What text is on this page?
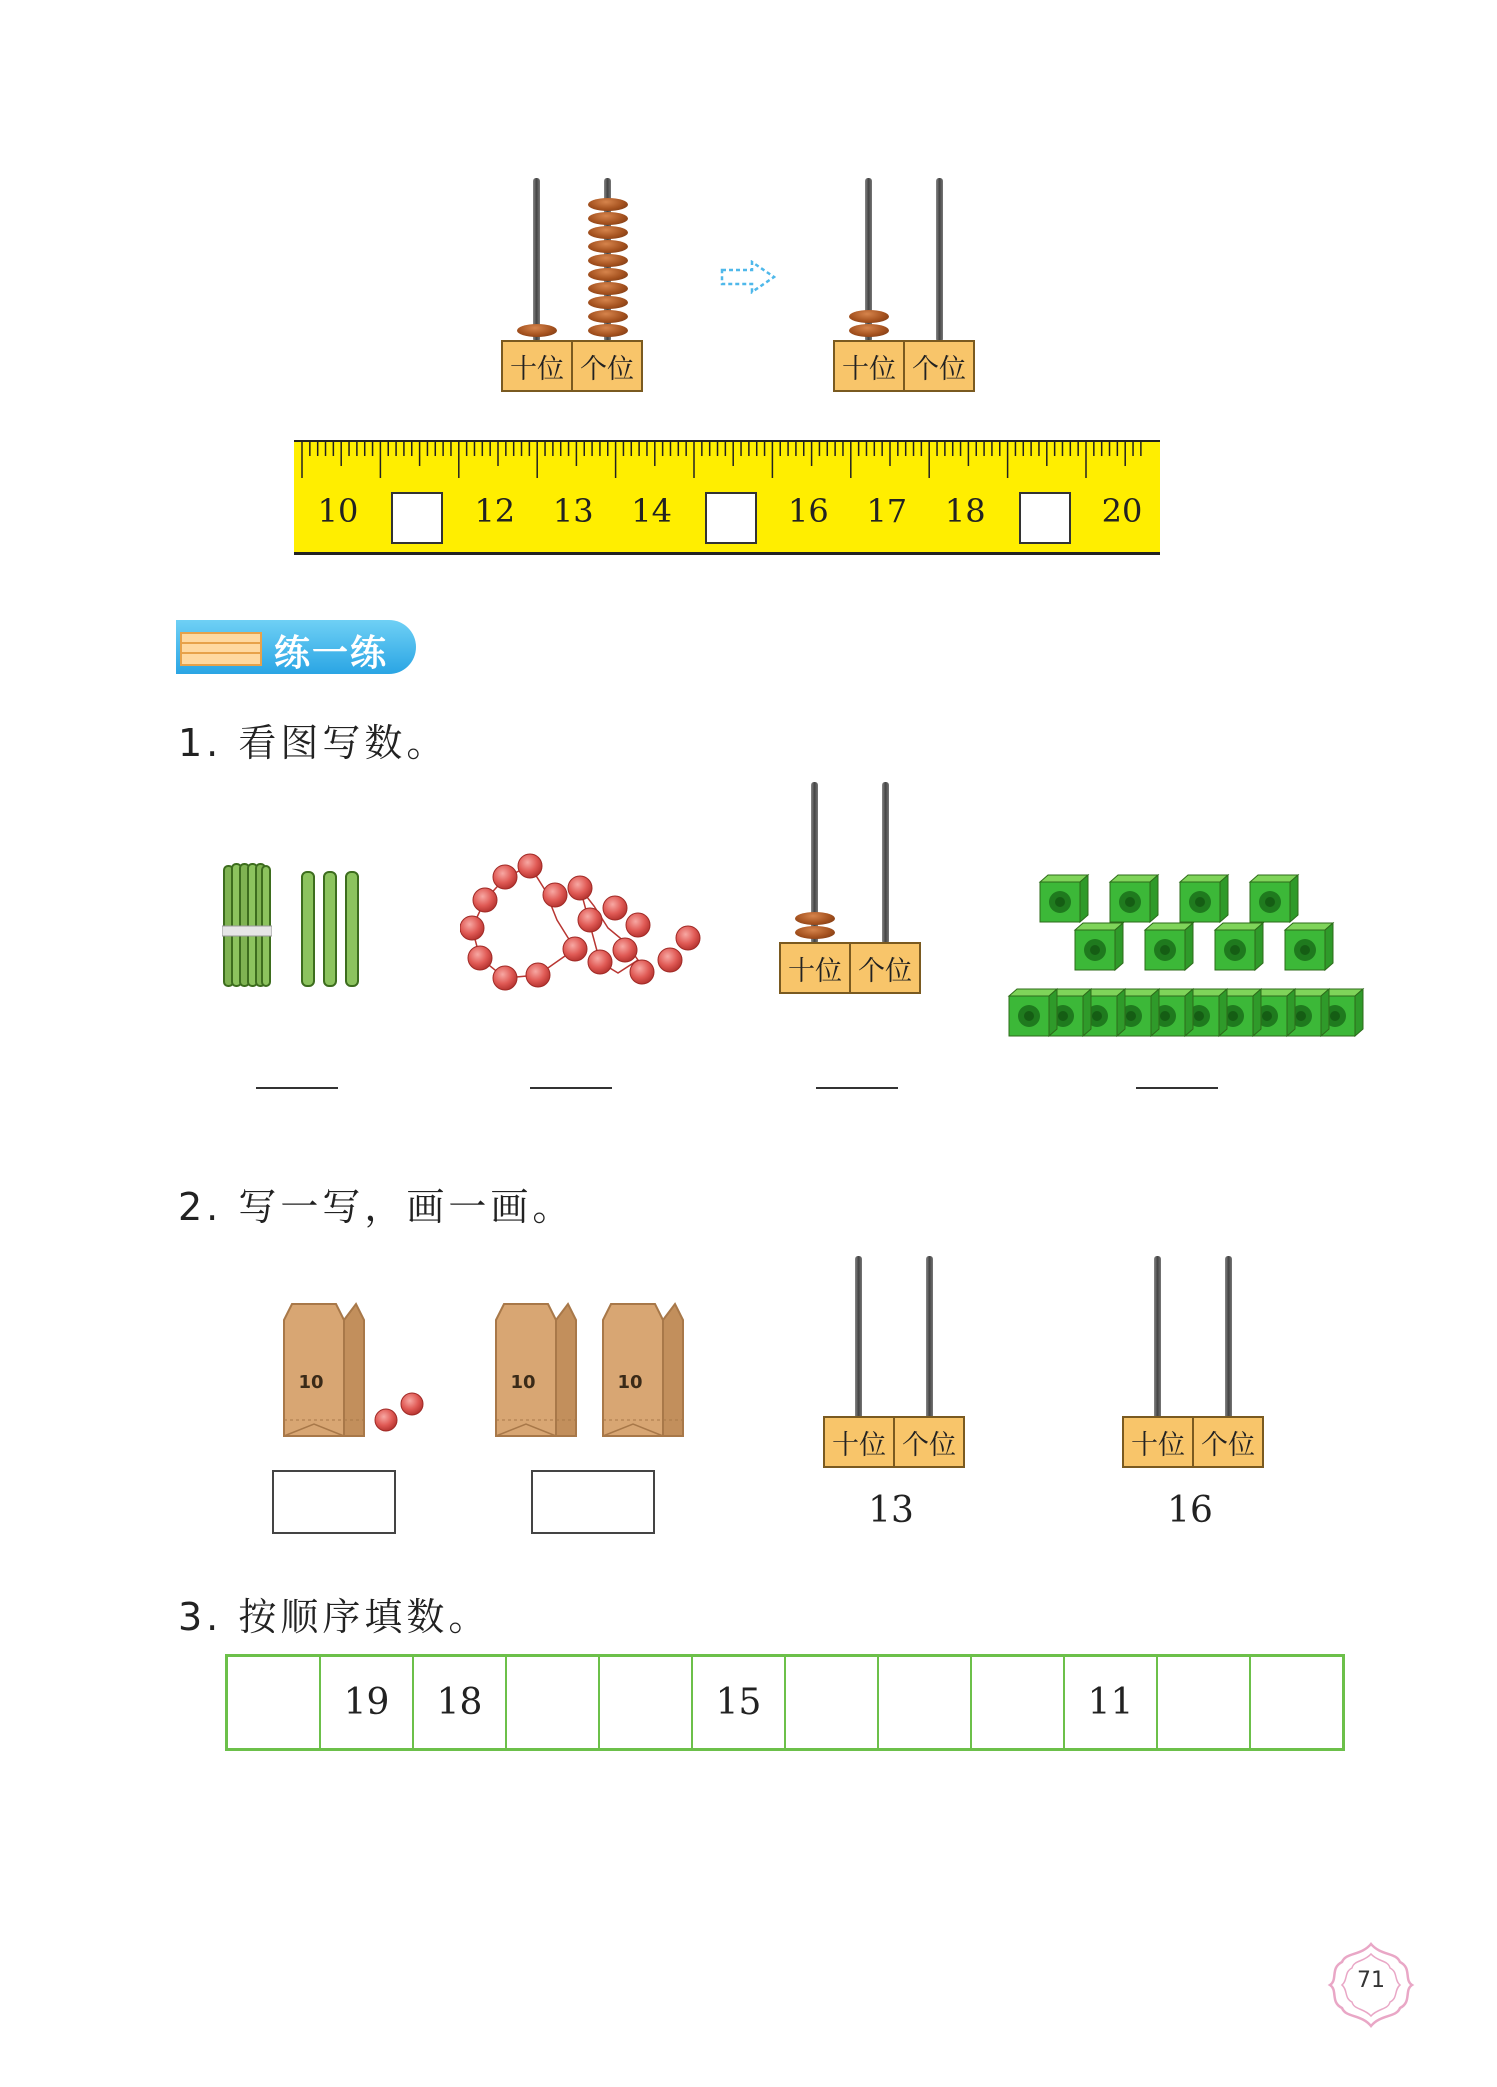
十位 个位	十位 个位
10	12	13	14	16	17	18	20
练一练
1. 看图写数。
十位 个位
2. 写一写，画一画。
10	10	10
十位 个位
13
十位 个位
16
3. 按顺序填数。
	19	18			15				11		
71
